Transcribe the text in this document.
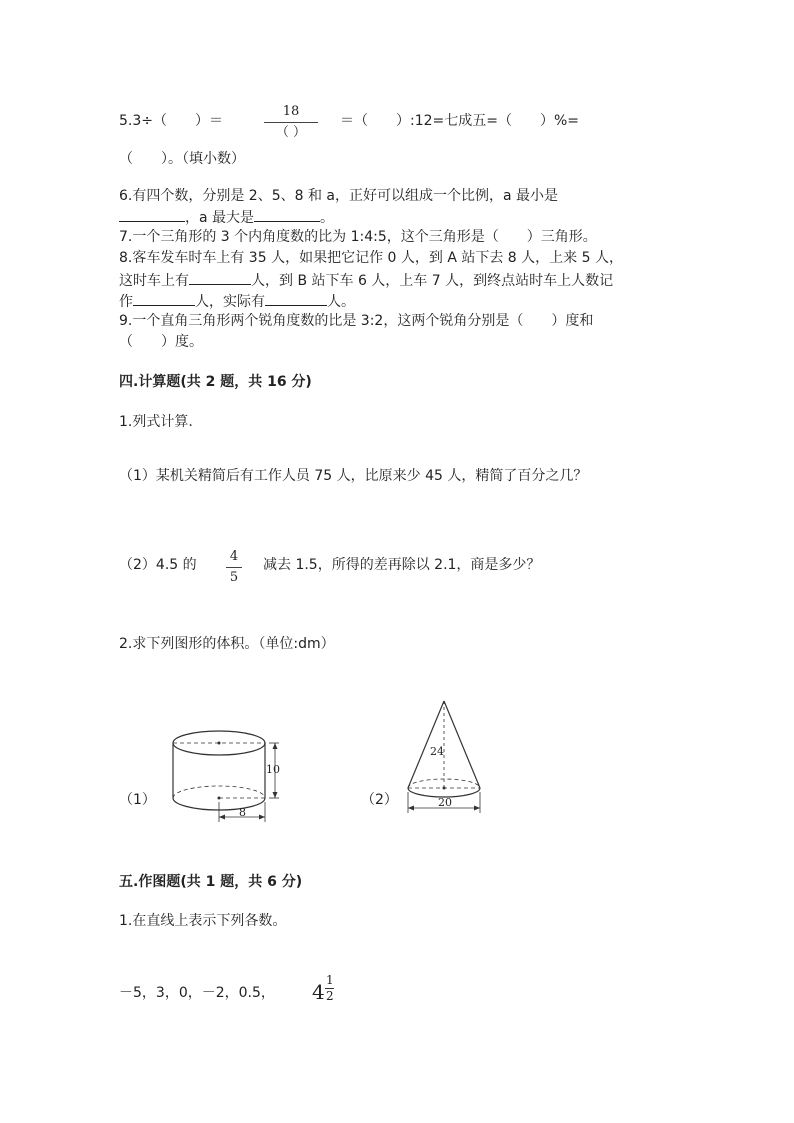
5.3÷（　　）＝
18
（ ）
＝（　　）:12=七成五=（　　）%=
（　　）。（填小数）
6.有四个数，分别是 2、5、8 和 a，正好可以组成一个比例，a 最小是
，a 最大是	。
7.一个三角形的 3 个内角度数的比为 1:4:5，这个三角形是（　　）三角形。
8.客车发车时车上有 35 人，如果把它记作 0 人，到 A 站下去 8 人，上来 5 人，
这时车上有	人，到 B 站下车 6 人，上车 7 人，到终点站时车上人数记
作	人，实际有	人。
9.一个直角三角形两个锐角度数的比是 3:2，这两个锐角分别是（　　）度和
（　　）度。
四.计算题(共 2 题，共 16 分)
1.列式计算.
（1）某机关精简后有工作人员 75 人，比原来少 45 人，精简了百分之几？
（2）4.5 的
4
5
减去 1.5，所得的差再除以 2.1，商是多少？
2.求下列图形的体积。（单位:dm）
（1）
10
8
（2）
24
20
五.作图题(共 1 题，共 6 分)
1.在直线上表示下列各数。
－5，3，0，－2，0.5， 4 1
2
